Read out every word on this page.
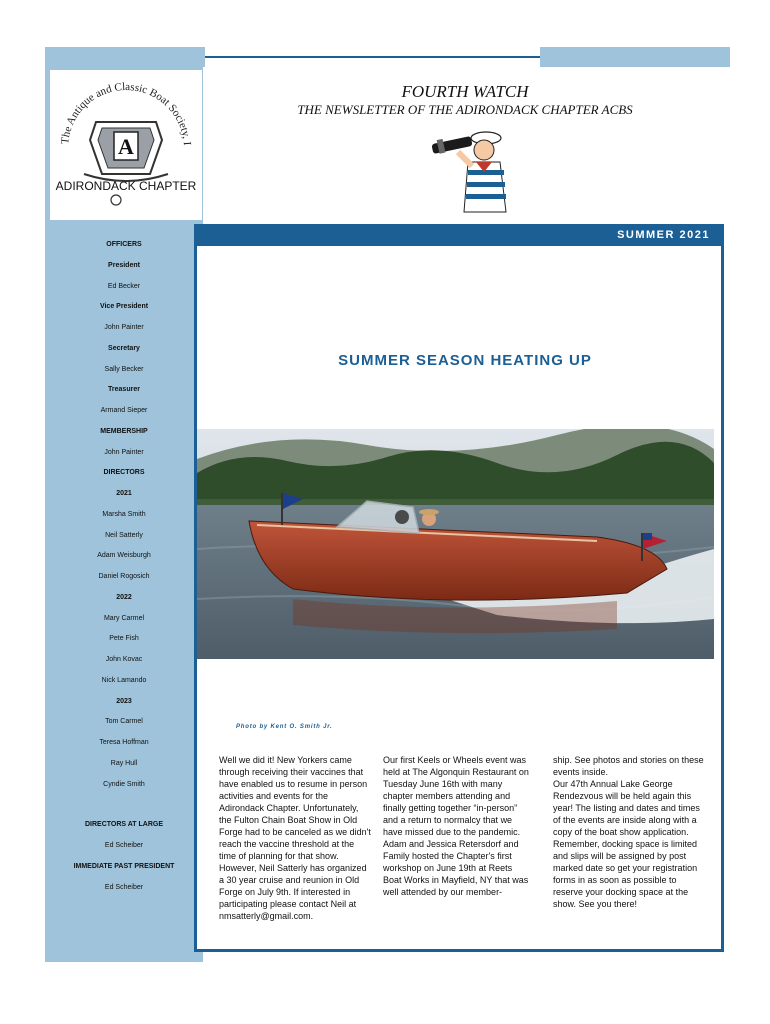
The Antique and Classic Boat Society, I
A
ADIRONDACK CHAPTER
FOURTH WATCH
THE NEWSLETTER OF THE ADIRONDACK CHAPTER ACBS
SUMMER 2021
OFFICERS
President
Ed Becker
Vice President
John Painter
Secretary
Sally Becker
Treasurer
Armand Sieper
MEMBERSHIP
John Painter
DIRECTORS
2021
Marsha Smith
Neil Satterly
Adam Weisburgh
Daniel Rogosich
2022
Mary Carmel
Pete Fish
John Kovac
Nick Lamando
2023
Tom Carmel
Teresa Hoffman
Ray Hull
Cyndie Smith
DIRECTORS AT LARGE
Ed Scheiber
IMMEDIATE PAST PRESIDENT
Ed Scheiber
SUMMER SEASON HEATING UP
Photo by Kent O. Smith Jr.

Well we did it! New Yorkers came through receiving their vaccines that have enabled us to resume in person activities and events for the Adirondack Chapter. Unfortunately, the Fulton Chain Boat Show in Old Forge had to be canceled as we didn't reach the vaccine threshold at the time of planning for that show. However, Neil Satterly has organized a 30 year cruise and reunion in Old Forge on July 9th. If interested in participating please contact Neil at nmsatterly@gmail.com.

Our first Keels or Wheels event was held at The Algonquin Restaurant on Tuesday June 16th with many chapter members attending and finally getting together “in-person” and a return to normalcy that we have missed due to the pandemic.

Adam and Jessica Retersdorf and Family hosted the Chapter's first workshop on June 19th at Reets Boat Works in Mayfield, NY that was well attended by our member-

ship. See photos and stories on these events inside.

Our 47th Annual Lake George Rendezvous will be held again this year! The listing and dates and times of the events are inside along with a copy of the boat show application. Remember, docking space is limited and slips will be assigned by post marked date so get your registration forms in as soon as possible to reserve your docking space at the show. See you there!
